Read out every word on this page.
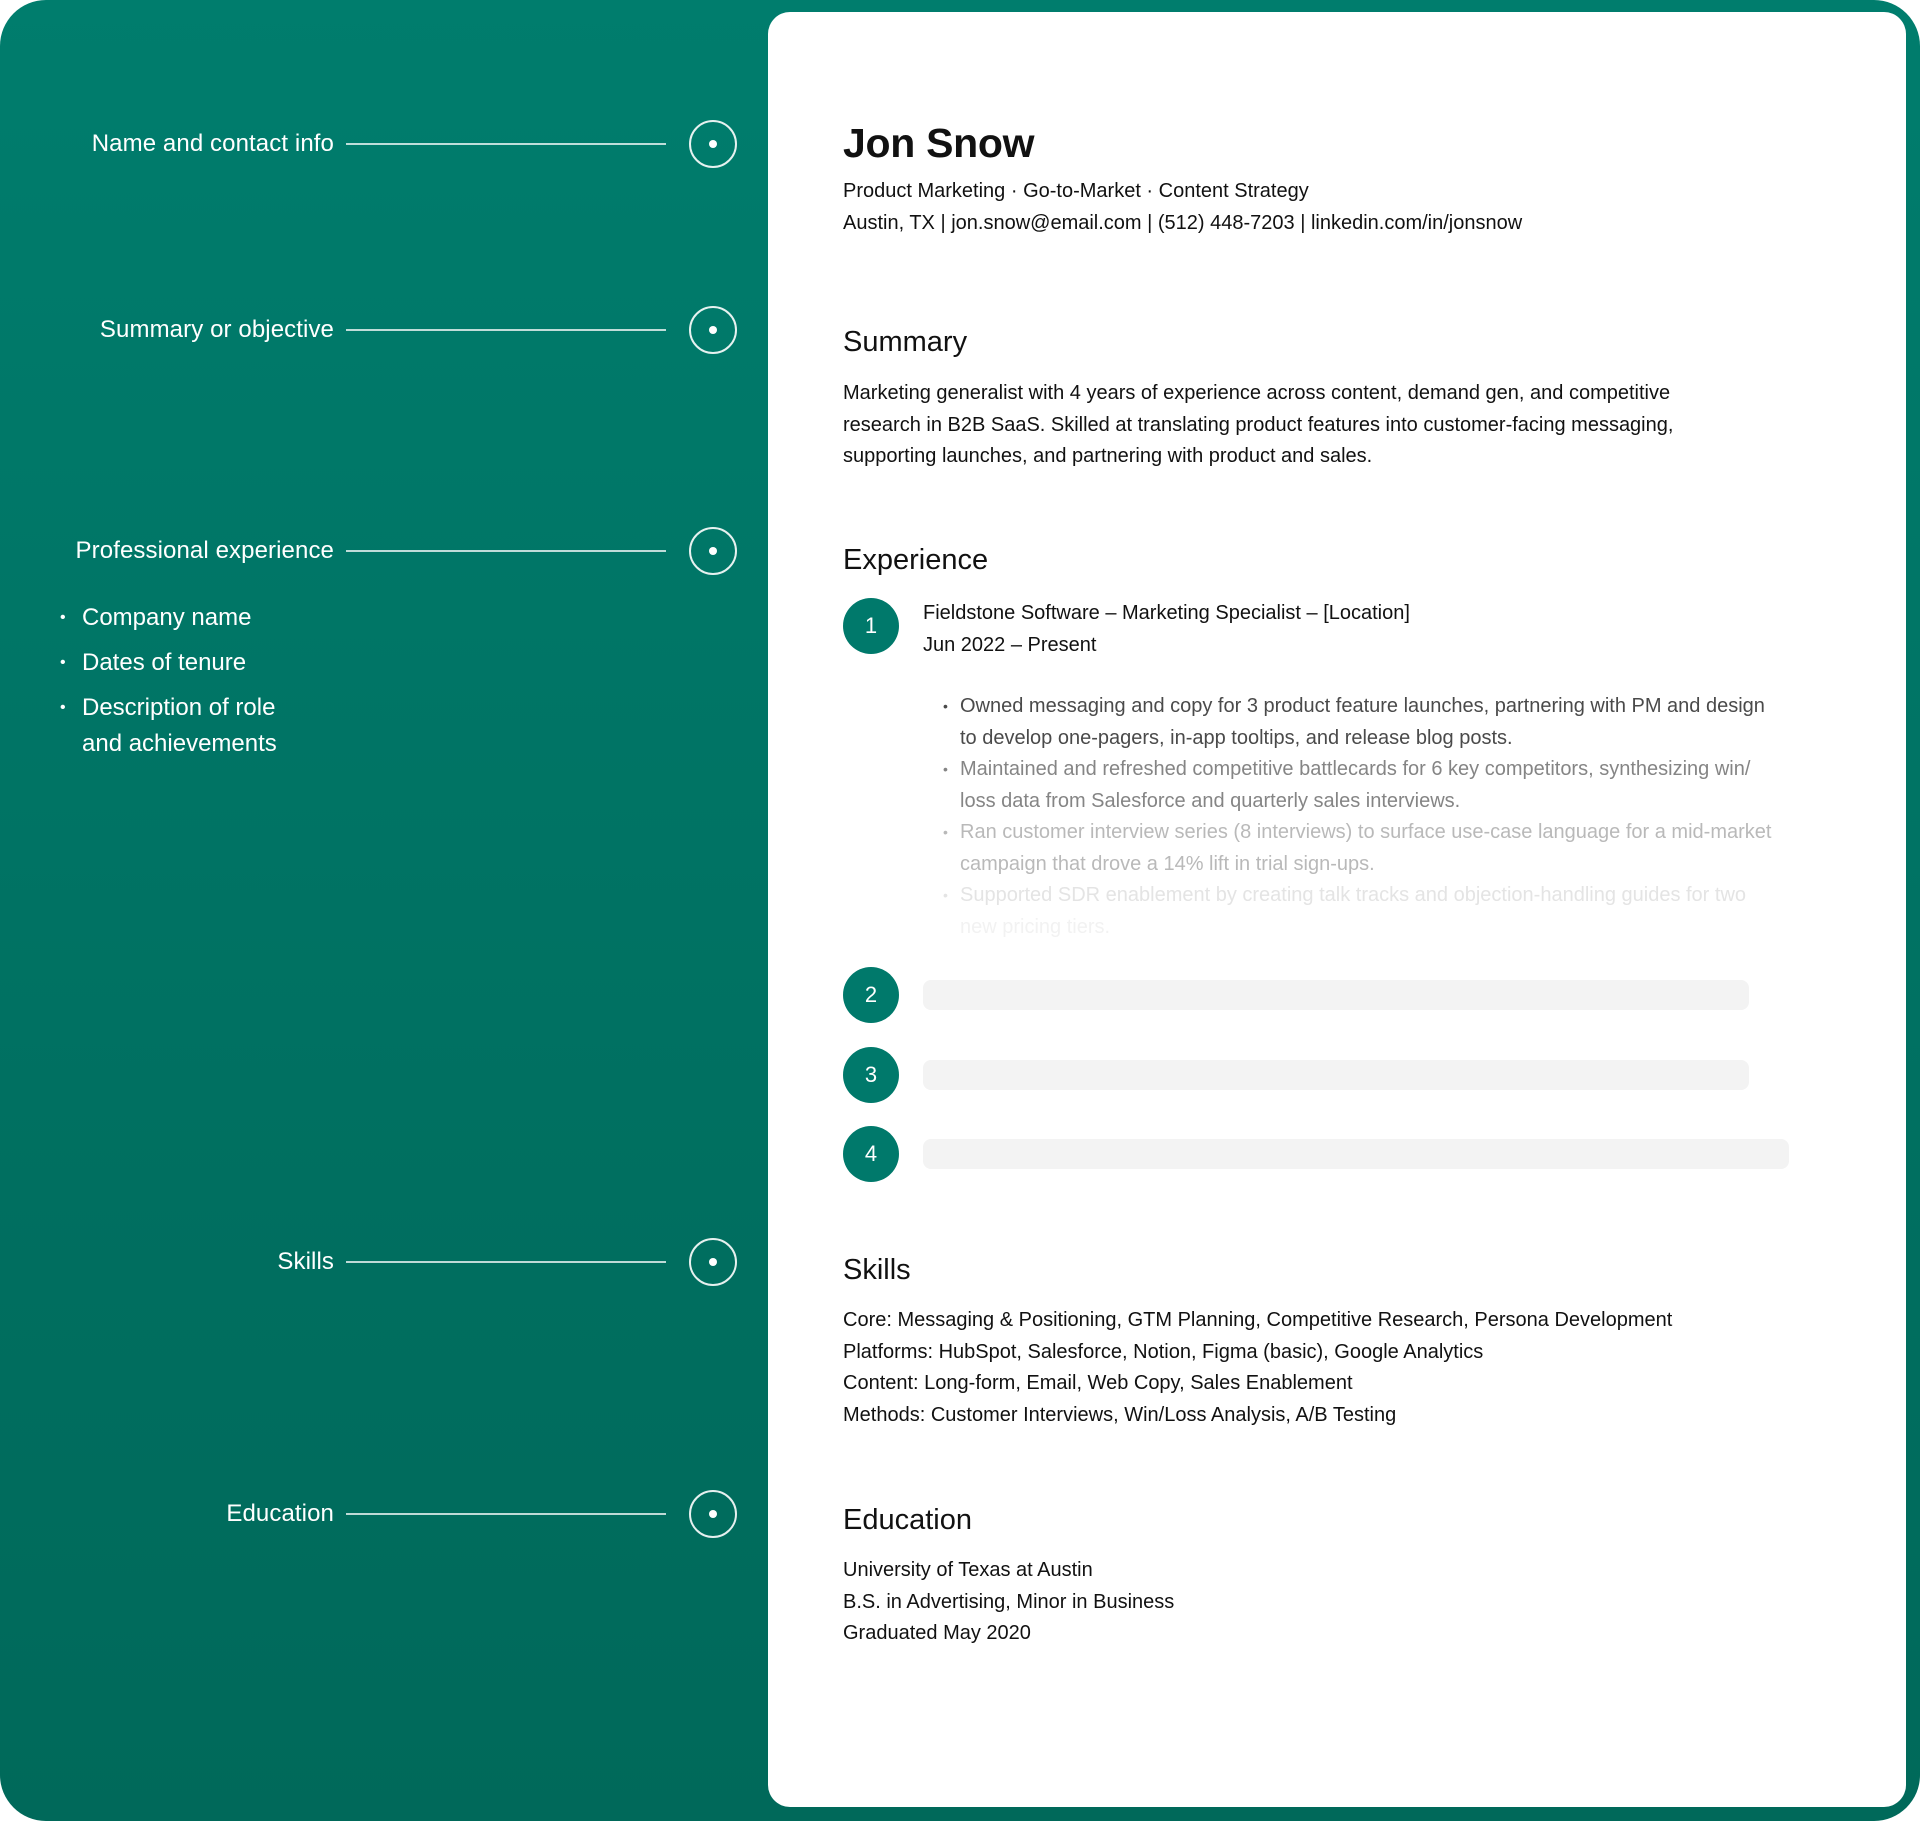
Name and contact info
Summary or objective
Professional experience
• Company name
• Dates of tenure
• Description of role and achievements
Skills
Education
Jon Snow
Product Marketing · Go-to-Market · Content Strategy
Austin, TX | jon.snow@email.com | (512) 448-7203 | linkedin.com/in/jonsnow
Summary
Marketing generalist with 4 years of experience across content, demand gen, and competitive
research in B2B SaaS. Skilled at translating product features into customer-facing messaging,
supporting launches, and partnering with product and sales.
Experience
1	Fieldstone Software – Marketing Specialist – [Location]
Jun 2022 – Present
• Owned messaging and copy for 3 product feature launches, partnering with PM and design
to develop one-pagers, in-app tooltips, and release blog posts.
• Maintained and refreshed competitive battlecards for 6 key competitors, synthesizing win/
loss data from Salesforce and quarterly sales interviews.
• Ran customer interview series (8 interviews) to surface use-case language for a mid-market
campaign that drove a 14% lift in trial sign-ups.
• Supported SDR enablement by creating talk tracks and objection-handling guides for two
new pricing tiers.
2
3
4
Skills
Core: Messaging & Positioning, GTM Planning, Competitive Research, Persona Development
Platforms: HubSpot, Salesforce, Notion, Figma (basic), Google Analytics
Content: Long-form, Email, Web Copy, Sales Enablement
Methods: Customer Interviews, Win/Loss Analysis, A/B Testing
Education
University of Texas at Austin
B.S. in Advertising, Minor in Business
Graduated May 2020
